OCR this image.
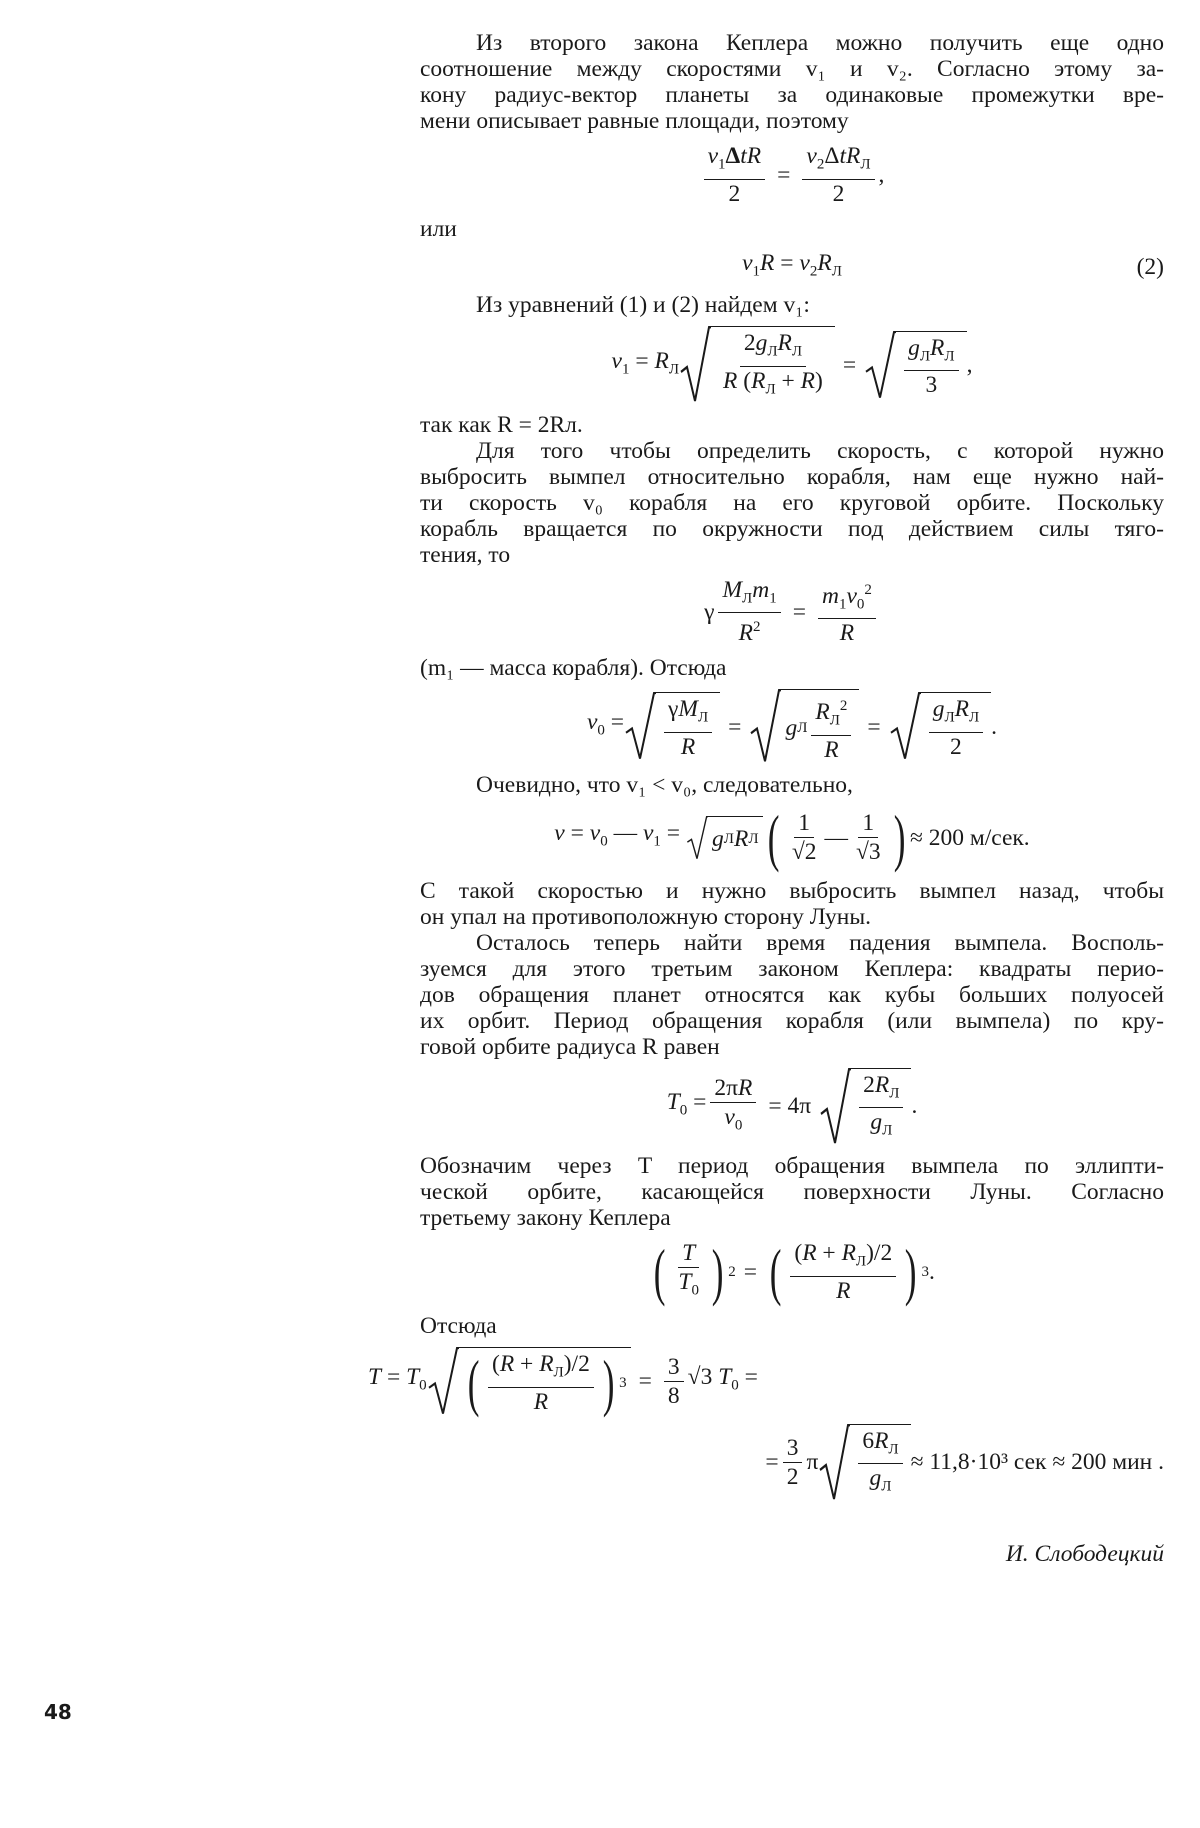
Из второго закона Кеплера можно получить еще одно
соотношение между скоростями v₁ и v₂. Согласно этому за-
кону радиус-вектор планеты за одинаковые промежутки вре-
мени описывает равные площади, поэтому

$v_1\Delta tR$
2
=
$v_2\Delta tR_Л$
2
,

или

$v_1R = v_2R_Л$	(2)

Из уравнений (1) и (2) найдем v₁:

$v_1 = R_Л$
$2g_ЛR_Л$
R $(R_Л + R)$
=
$g_ЛR_Л$
3
,

так как R = 2Rл.

Для того чтобы определить скорость, с которой нужно
выбросить вымпел относительно корабля, нам еще нужно най-
ти скорость v₀ корабля на его круговой орбите. Поскольку
корабль вращается по окружности под действием силы тяго-
тения, то

γ
$M_Лm_1$
$R^2$
= $\frac{m_1v_0^2}{R}$

(m₁ — масса корабля). Отсюда

$v_0 = \gamma M_Л$
R
= g Л
$R_Л^2$
R
=
$g_ЛR_Л$
2
.

Очевидно, что v₁ < v₀, следовательно,

$v = v_0$ — $v_1 = g$ Л R Л ( 1
√2
—
1
√3 ) ≈ 200 м/сек.

С такой скоростью и нужно выбросить вымпел назад, чтобы
он упал на противоположную сторону Луны.

Осталось теперь найти время падения вымпела. Восполь-
зуемся для этого третьим законом Кеплера: квадраты перио-
дов обращения планет относятся как кубы больших полуосей
их орбит. Период обращения корабля (или вымпела) по кру-
говой орбите радиуса R равен

$T_0 = \frac{2\pi R}{v_0} = 4\pi$
$2R_Л$
$g_Л$
.

Обозначим через T период обращения вымпела по эллипти-
ческой орбите, касающейся поверхности Луны. Согласно
третьему закону Кеплера

( T
$T_0$ ) 2 = ( $(R + R_Л)/2$
R ) 3 .

Отсюда

$T = T_0$ ( $(R + R_Л)/2$
R ) $3 = \frac{3}{8} √3$ $T_0$ =
= $\frac{3}{2}$ π
$6R_Л$
$g_Л$
≈ 11,8·10³ сек ≈ 200 мин .

И. Слободецкий

48
